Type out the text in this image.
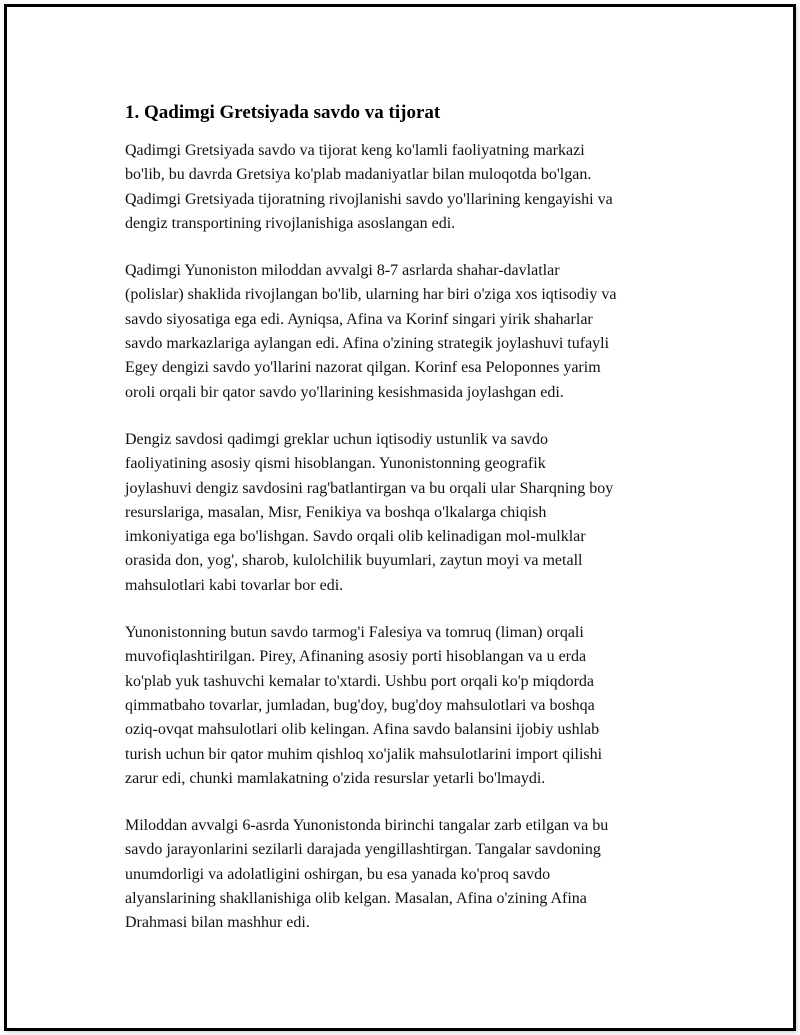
1. Qadimgi Gretsiyada savdo va tijorat

Qadimgi Gretsiyada savdo va tijorat keng ko'lamli faoliyatning markazi
bo'lib, bu davrda Gretsiya ko'plab madaniyatlar bilan muloqotda bo'lgan.
Qadimgi Gretsiyada tijoratning rivojlanishi savdo yo'llarining kengayishi va
dengiz transportining rivojlanishiga asoslangan edi.

Qadimgi Yunoniston miloddan avvalgi 8-7 asrlarda shahar-davlatlar
(polislar) shaklida rivojlangan bo'lib, ularning har biri o'ziga xos iqtisodiy va
savdo siyosatiga ega edi. Ayniqsa, Afina va Korinf singari yirik shaharlar
savdo markazlariga aylangan edi. Afina o'zining strategik joylashuvi tufayli
Egey dengizi savdo yo'llarini nazorat qilgan. Korinf esa Peloponnes yarim
oroli orqali bir qator savdo yo'llarining kesishmasida joylashgan edi.

Dengiz savdosi qadimgi greklar uchun iqtisodiy ustunlik va savdo
faoliyatining asosiy qismi hisoblangan. Yunonistonning geografik
joylashuvi dengiz savdosini rag'batlantirgan va bu orqali ular Sharqning boy
resurslariga, masalan, Misr, Fenikiya va boshqa o'lkalarga chiqish
imkoniyatiga ega bo'lishgan. Savdo orqali olib kelinadigan mol-mulklar
orasida don, yog', sharob, kulolchilik buyumlari, zaytun moyi va metall
mahsulotlari kabi tovarlar bor edi.

Yunonistonning butun savdo tarmog'i Falesiya va tomruq (liman) orqali
muvofiqlashtirilgan. Pirey, Afinaning asosiy porti hisoblangan va u erda
ko'plab yuk tashuvchi kemalar to'xtardi. Ushbu port orqali ko'p miqdorda
qimmatbaho tovarlar, jumladan, bug'doy, bug'doy mahsulotlari va boshqa
oziq-ovqat mahsulotlari olib kelingan. Afina savdo balansini ijobiy ushlab
turish uchun bir qator muhim qishloq xo'jalik mahsulotlarini import qilishi
zarur edi, chunki mamlakatning o'zida resurslar yetarli bo'lmaydi.

Miloddan avvalgi 6-asrda Yunonistonda birinchi tangalar zarb etilgan va bu
savdo jarayonlarini sezilarli darajada yengillashtirgan. Tangalar savdoning
unumdorligi va adolatligini oshirgan, bu esa yanada ko'proq savdo
alyanslarining shakllanishiga olib kelgan. Masalan, Afina o'zining Afina
Drahmasi bilan mashhur edi.
